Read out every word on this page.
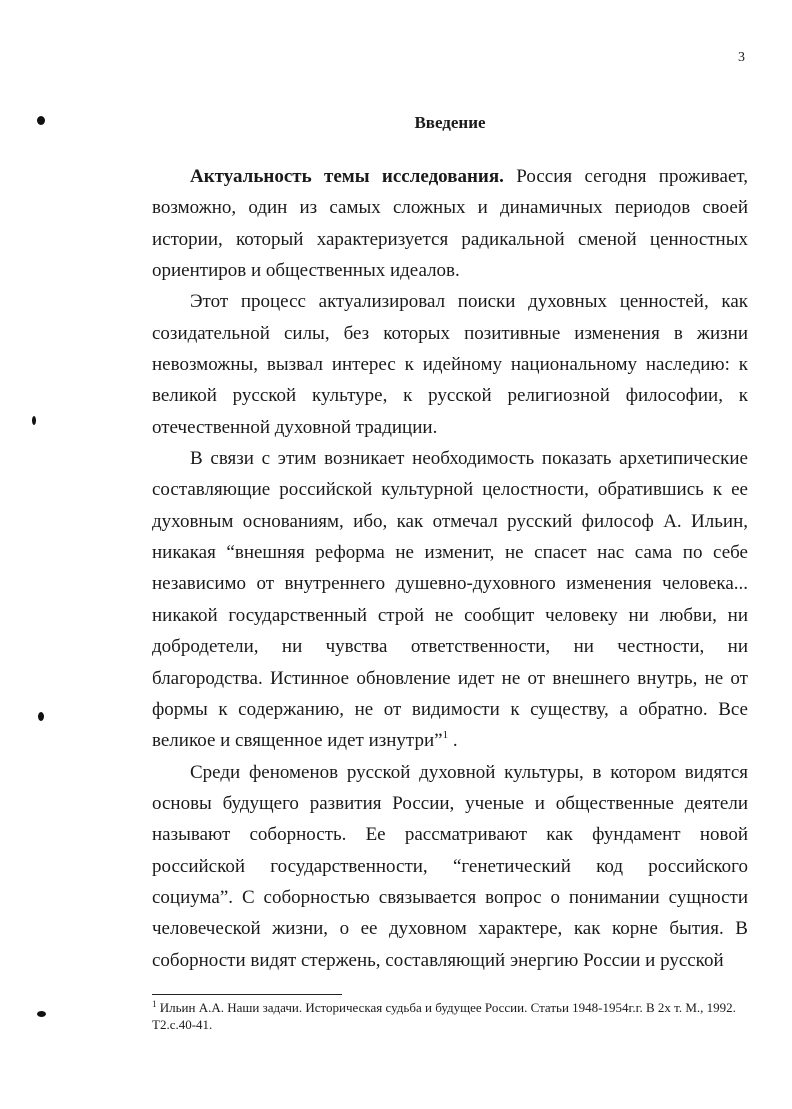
3
Введение

Актуальность темы исследования. Россия сегодня проживает, возможно, один из самых сложных и динамичных периодов своей истории, который характеризуется радикальной сменой ценностных ориентиров и общественных идеалов.

Этот процесс актуализировал поиски духовных ценностей, как созидательной силы, без которых позитивные изменения в жизни невозможны, вызвал интерес к идейному национальному наследию: к великой русской культуре, к русской религиозной философии, к отечественной духовной традиции.

В связи с этим возникает необходимость показать архетипические составляющие российской культурной целостности, обратившись к ее духовным основаниям, ибо, как отмечал русский философ А. Ильин, никакая “внешняя реформа не изменит, не спасет нас сама по себе независимо от внутреннего душевно-духовного изменения человека... никакой государственный строй не сообщит человеку ни любви, ни добродетели, ни чувства ответственности, ни честности, ни благородства. Истинное обновление идет не от внешнего внутрь, не от формы к содержанию, не от видимости к существу, а обратно. Все великое и священное идет изнутри”$^1$ .

Среди феноменов русской духовной культуры, в котором видятся основы будущего развития России, ученые и общественные деятели называют соборность. Ее рассматривают как фундамент новой российской государственности, “генетический код российского социума”. С соборностью связывается вопрос о понимании сущности человеческой жизни, о ее духовном характере, как корне бытия. В соборности видят стержень, составляющий энергию России и русской

$^1$ Ильин А.А. Наши задачи. Историческая судьба и будущее России. Статьи 1948-1954г.г. В 2х т. М., 1992. Т2.с.40-41.
